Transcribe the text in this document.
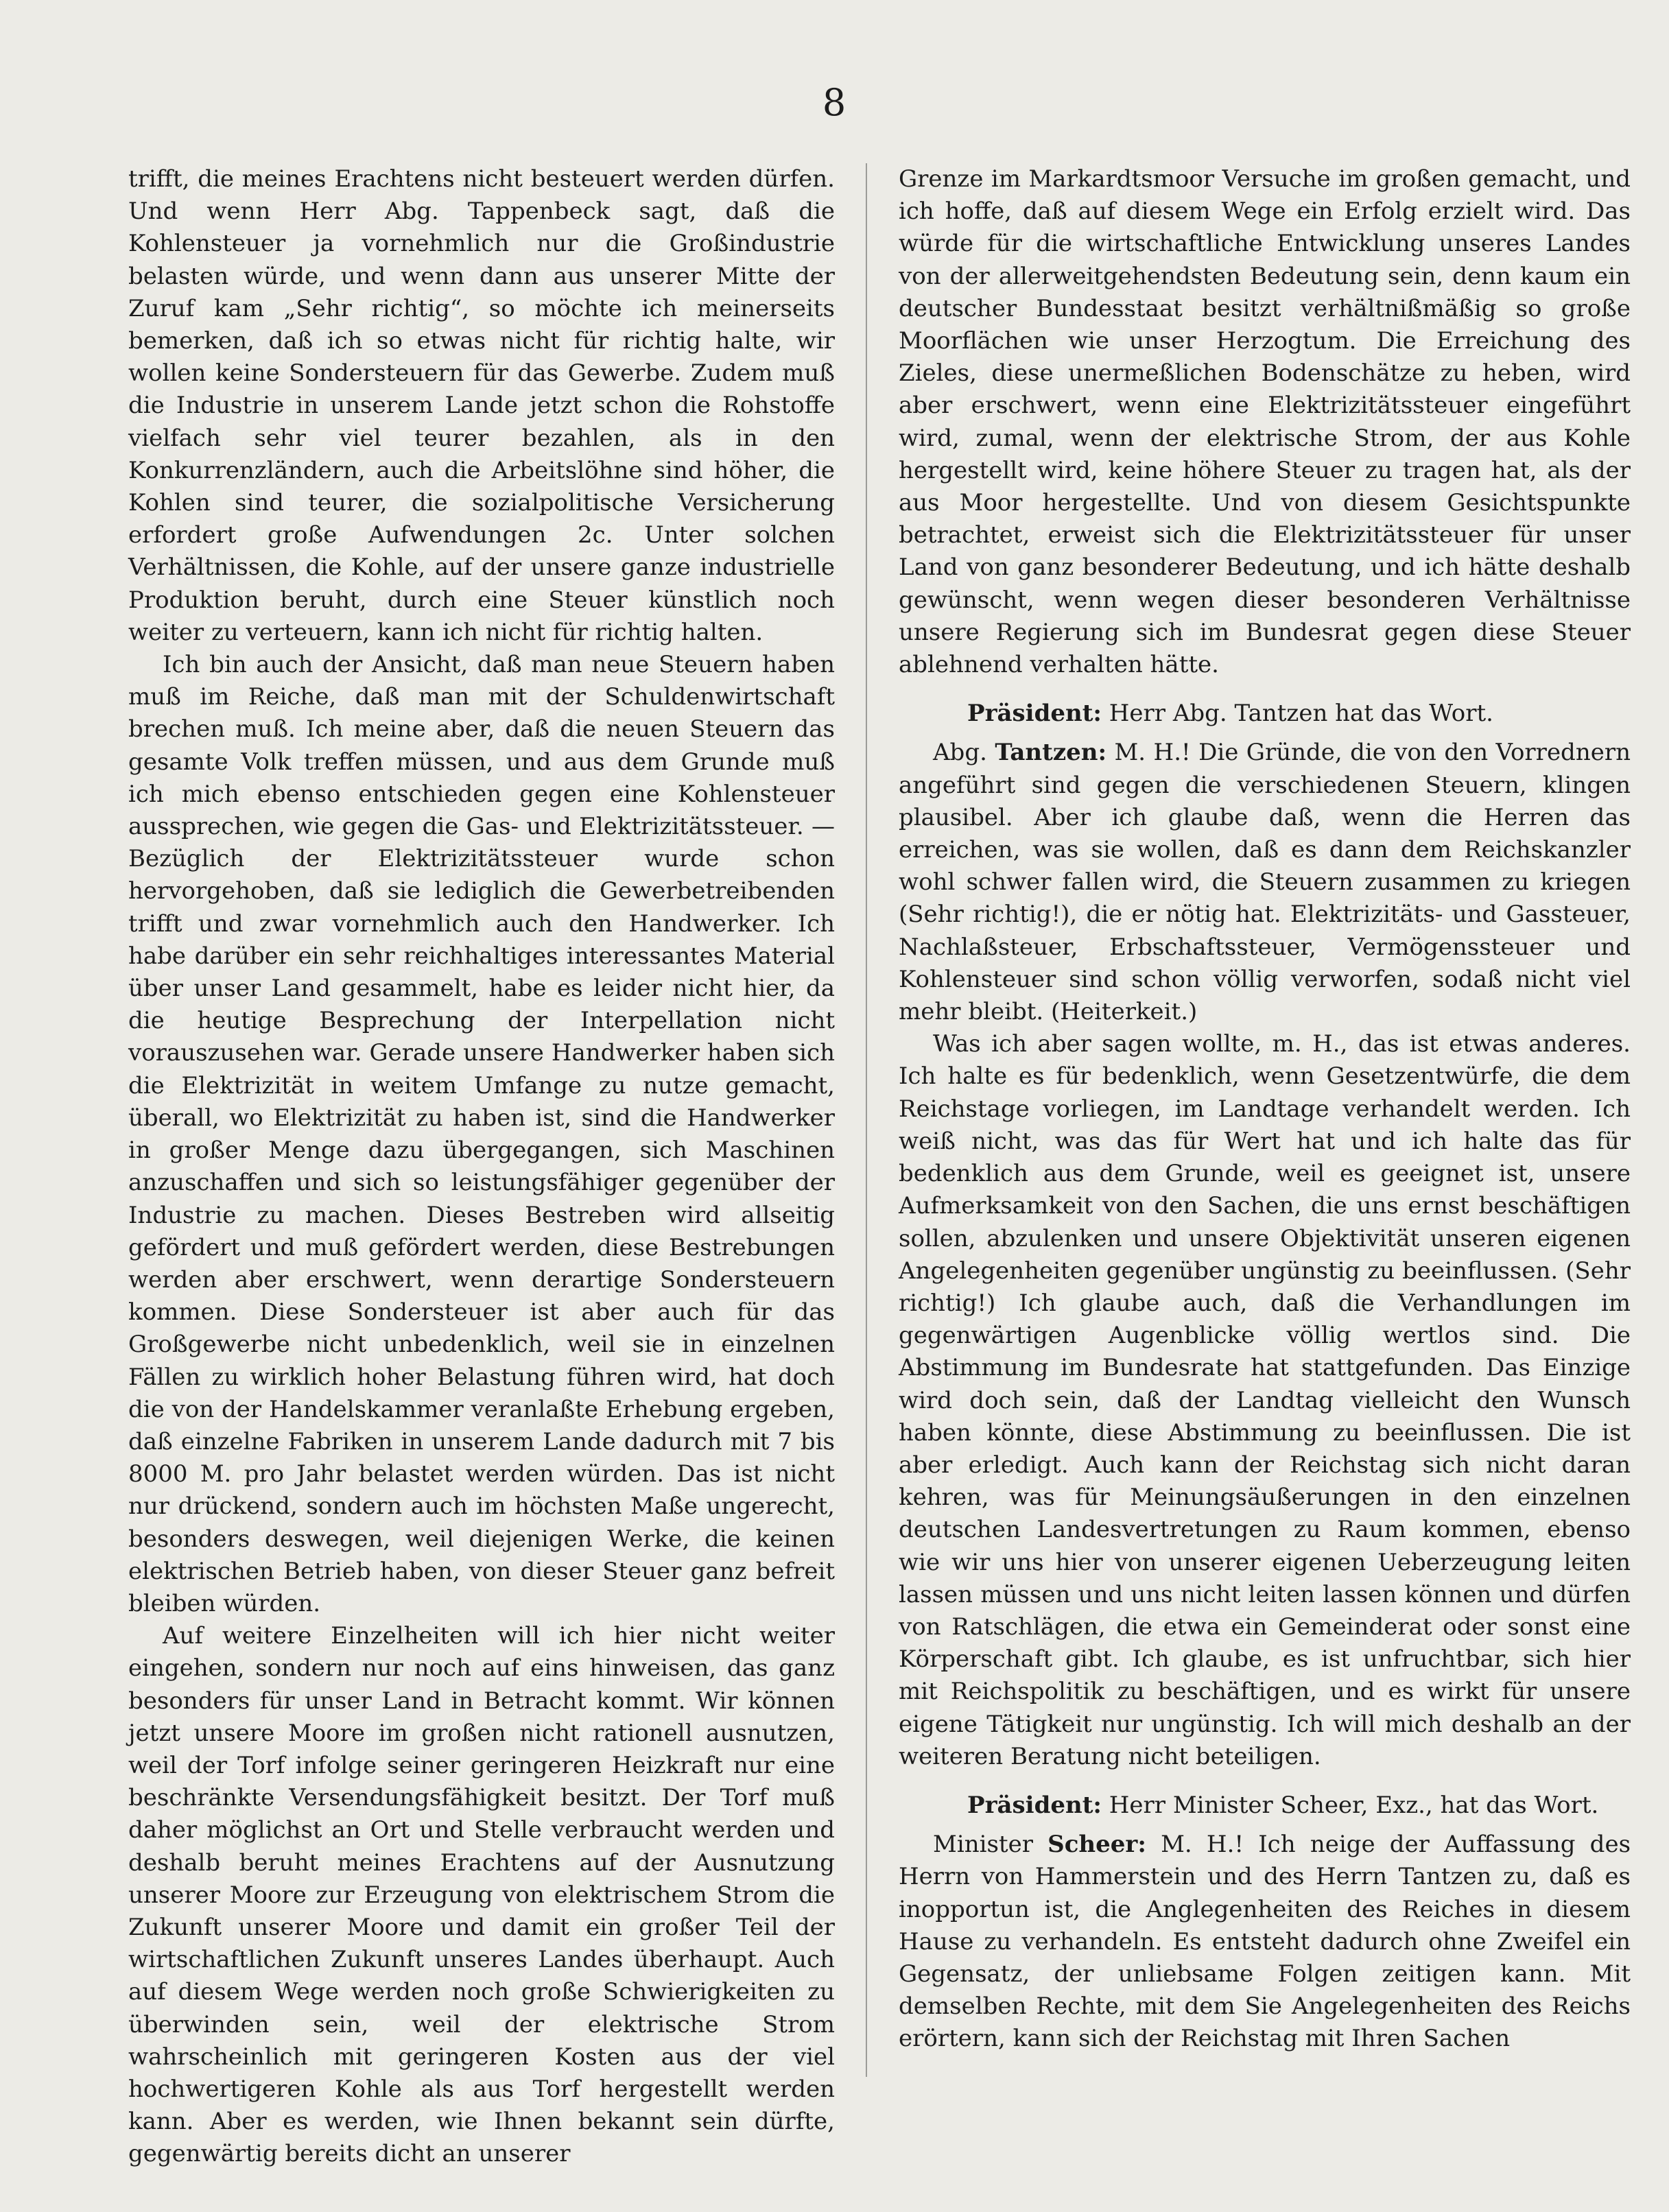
8

trifft, die meines Erachtens nicht besteuert werden dürfen. Und wenn Herr Abg. Tappenbeck sagt, daß die Kohlensteuer ja vornehmlich nur die Großindustrie belasten würde, und wenn dann aus unserer Mitte der Zuruf kam „Sehr richtig“, so möchte ich meinerseits bemerken, daß ich so etwas nicht für richtig halte, wir wollen keine Sondersteuern für das Gewerbe. Zudem muß die Industrie in unserem Lande jetzt schon die Rohstoffe vielfach sehr viel teurer bezahlen, als in den Konkurrenzländern, auch die Arbeitslöhne sind höher, die Kohlen sind teurer, die sozialpolitische Versicherung erfordert große Aufwendungen 2c. Unter solchen Verhältnissen, die Kohle, auf der unsere ganze industrielle Produktion beruht, durch eine Steuer künstlich noch weiter zu verteuern, kann ich nicht für richtig halten.

Ich bin auch der Ansicht, daß man neue Steuern haben muß im Reiche, daß man mit der Schuldenwirtschaft brechen muß. Ich meine aber, daß die neuen Steuern das gesamte Volk treffen müssen, und aus dem Grunde muß ich mich ebenso entschieden gegen eine Kohlensteuer aussprechen, wie gegen die Gas- und Elektrizitätssteuer. — Bezüglich der Elektrizitätssteuer wurde schon hervorgehoben, daß sie lediglich die Gewerbetreibenden trifft und zwar vornehmlich auch den Handwerker. Ich habe darüber ein sehr reichhaltiges interessantes Material über unser Land gesammelt, habe es leider nicht hier, da die heutige Besprechung der Interpellation nicht vorauszusehen war. Gerade unsere Handwerker haben sich die Elektrizität in weitem Umfange zu nutze gemacht, überall, wo Elektrizität zu haben ist, sind die Handwerker in großer Menge dazu übergegangen, sich Maschinen anzuschaffen und sich so leistungsfähiger gegenüber der Industrie zu machen. Dieses Bestreben wird allseitig gefördert und muß gefördert werden, diese Bestrebungen werden aber erschwert, wenn derartige Sondersteuern kommen. Diese Sondersteuer ist aber auch für das Großgewerbe nicht unbedenklich, weil sie in einzelnen Fällen zu wirklich hoher Belastung führen wird, hat doch die von der Handelskammer veranlaßte Erhebung ergeben, daß einzelne Fabriken in unserem Lande dadurch mit 7 bis 8000 M. pro Jahr belastet werden würden. Das ist nicht nur drückend, sondern auch im höchsten Maße ungerecht, besonders deswegen, weil diejenigen Werke, die keinen elektrischen Betrieb haben, von dieser Steuer ganz befreit bleiben würden.

Auf weitere Einzelheiten will ich hier nicht weiter eingehen, sondern nur noch auf eins hinweisen, das ganz besonders für unser Land in Betracht kommt. Wir können jetzt unsere Moore im großen nicht rationell ausnutzen, weil der Torf infolge seiner geringeren Heizkraft nur eine beschränkte Versendungsfähigkeit besitzt. Der Torf muß daher möglichst an Ort und Stelle verbraucht werden und deshalb beruht meines Erachtens auf der Ausnutzung unserer Moore zur Erzeugung von elektrischem Strom die Zukunft unserer Moore und damit ein großer Teil der wirtschaftlichen Zukunft unseres Landes überhaupt. Auch auf diesem Wege werden noch große Schwierigkeiten zu überwinden sein, weil der elektrische Strom wahrscheinlich mit geringeren Kosten aus der viel hochwertigeren Kohle als aus Torf hergestellt werden kann. Aber es werden, wie Ihnen bekannt sein dürfte, gegenwärtig bereits dicht an unserer

Grenze im Markardtsmoor Versuche im großen gemacht, und ich hoffe, daß auf diesem Wege ein Erfolg erzielt wird. Das würde für die wirtschaftliche Entwicklung unseres Landes von der allerweitgehendsten Bedeutung sein, denn kaum ein deutscher Bundesstaat besitzt verhältnißmäßig so große Moorflächen wie unser Herzogtum. Die Erreichung des Zieles, diese unermeßlichen Bodenschätze zu heben, wird aber erschwert, wenn eine Elektrizitätssteuer eingeführt wird, zumal, wenn der elektrische Strom, der aus Kohle hergestellt wird, keine höhere Steuer zu tragen hat, als der aus Moor hergestellte. Und von diesem Gesichtspunkte betrachtet, erweist sich die Elektrizitätssteuer für unser Land von ganz besonderer Bedeutung, und ich hätte deshalb gewünscht, wenn wegen dieser besonderen Verhältnisse unsere Regierung sich im Bundesrat gegen diese Steuer ablehnend verhalten hätte.

Präsident: Herr Abg. Tantzen hat das Wort.

Abg. Tantzen: M. H.! Die Gründe, die von den Vorrednern angeführt sind gegen die verschiedenen Steuern, klingen plausibel. Aber ich glaube daß, wenn die Herren das erreichen, was sie wollen, daß es dann dem Reichskanzler wohl schwer fallen wird, die Steuern zusammen zu kriegen (Sehr richtig!), die er nötig hat. Elektrizitäts- und Gassteuer, Nachlaßsteuer, Erbschaftssteuer, Vermögenssteuer und Kohlensteuer sind schon völlig verworfen, sodaß nicht viel mehr bleibt. (Heiterkeit.)

Was ich aber sagen wollte, m. H., das ist etwas anderes. Ich halte es für bedenklich, wenn Gesetzentwürfe, die dem Reichstage vorliegen, im Landtage verhandelt werden. Ich weiß nicht, was das für Wert hat und ich halte das für bedenklich aus dem Grunde, weil es geeignet ist, unsere Aufmerksamkeit von den Sachen, die uns ernst beschäftigen sollen, abzulenken und unsere Objektivität unseren eigenen Angelegenheiten gegenüber ungünstig zu beeinflussen. (Sehr richtig!) Ich glaube auch, daß die Verhandlungen im gegenwärtigen Augenblicke völlig wertlos sind. Die Abstimmung im Bundesrate hat stattgefunden. Das Einzige wird doch sein, daß der Landtag vielleicht den Wunsch haben könnte, diese Abstimmung zu beeinflussen. Die ist aber erledigt. Auch kann der Reichstag sich nicht daran kehren, was für Meinungsäußerungen in den einzelnen deutschen Landesvertretungen zu Raum kommen, ebenso wie wir uns hier von unserer eigenen Ueberzeugung leiten lassen müssen und uns nicht leiten lassen können und dürfen von Ratschlägen, die etwa ein Gemeinderat oder sonst eine Körperschaft gibt. Ich glaube, es ist unfruchtbar, sich hier mit Reichspolitik zu beschäftigen, und es wirkt für unsere eigene Tätigkeit nur ungünstig. Ich will mich deshalb an der weiteren Beratung nicht beteiligen.

Präsident: Herr Minister Scheer, Exz., hat das Wort.

Minister Scheer: M. H.! Ich neige der Auffassung des Herrn von Hammerstein und des Herrn Tantzen zu, daß es inopportun ist, die Anglegenheiten des Reiches in diesem Hause zu verhandeln. Es entsteht dadurch ohne Zweifel ein Gegensatz, der unliebsame Folgen zeitigen kann. Mit demselben Rechte, mit dem Sie Angelegenheiten des Reichs erörtern, kann sich der Reichstag mit Ihren Sachen
